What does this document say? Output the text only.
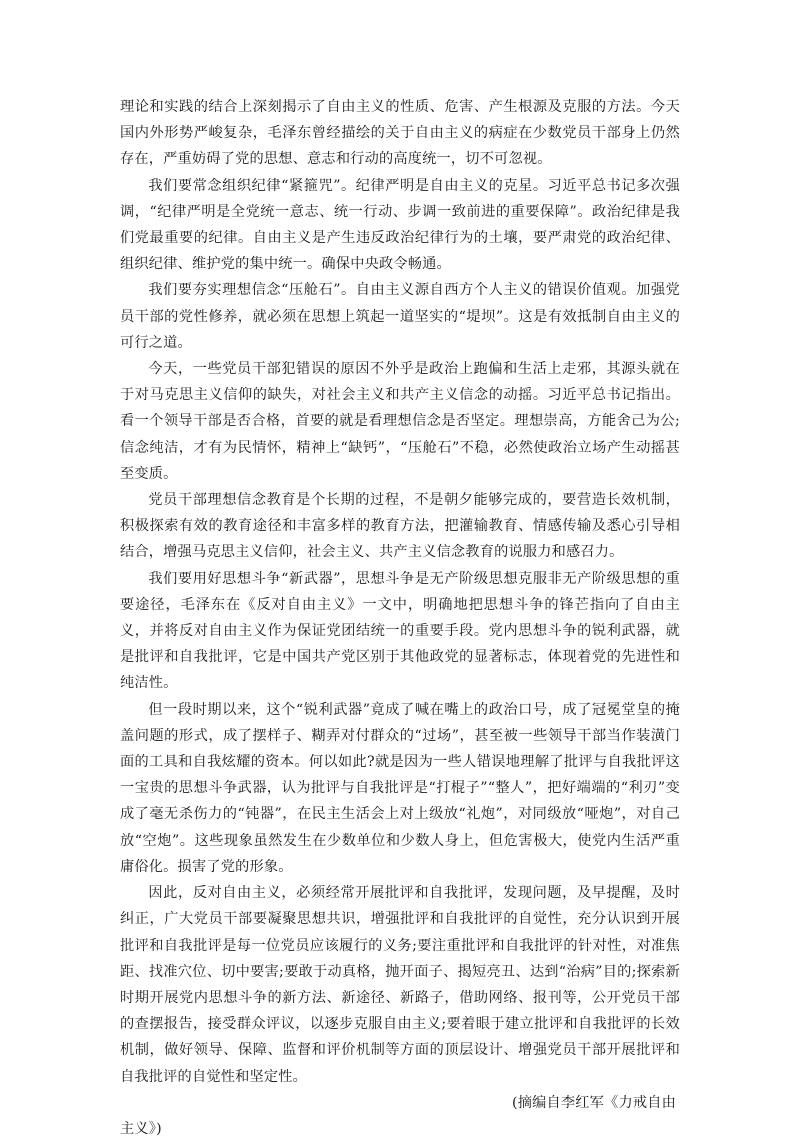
理论和实践的结合上深刻揭示了自由主义的性质、危害、产生根源及克服的方法。今天国内外形势严峻复杂，毛泽东曾经描绘的关于自由主义的病症在少数党员干部身上仍然存在，严重妨碍了党的思想、意志和行动的高度统一，切不可忽视。

我们要常念组织纪律“紧箍咒”。纪律严明是自由主义的克星。习近平总书记多次强调，“纪律严明是全党统一意志、统一行动、步调一致前进的重要保障”。政治纪律是我们党最重要的纪律。自由主义是产生违反政治纪律行为的土壤，要严肃党的政治纪律、组织纪律、维护党的集中统一。确保中央政令畅通。

我们要夯实理想信念“压舱石”。自由主义源自西方个人主义的错误价值观。加强党员干部的党性修养，就必须在思想上筑起一道坚实的“堤坝”。这是有效抵制自由主义的可行之道。

今天，一些党员干部犯错误的原因不外乎是政治上跑偏和生活上走邪，其源头就在于对马克思主义信仰的缺失，对社会主义和共产主义信念的动摇。习近平总书记指出。看一个领导干部是否合格，首要的就是看理想信念是否坚定。理想崇高，方能舍己为公;信念纯洁，才有为民情怀，精神上“缺钙”，“压舱石”不稳，必然使政治立场产生动摇甚至变质。

党员干部理想信念教育是个长期的过程，不是朝夕能够完成的，要营造长效机制，积极探索有效的教育途径和丰富多样的教育方法，把灌输教育、情感传输及悉心引导相结合，增强马克思主义信仰，社会主义、共产主义信念教育的说服力和感召力。

我们要用好思想斗争“新武器”，思想斗争是无产阶级思想克服非无产阶级思想的重要途径，毛泽东在《反对自由主义》一文中，明确地把思想斗争的锋芒指向了自由主义，并将反对自由主义作为保证党团结统一的重要手段。党内思想斗争的锐利武器，就是批评和自我批评，它是中国共产党区别于其他政党的显著标志，体现着党的先进性和纯洁性。

但一段时期以来，这个“锐利武器”竟成了喊在嘴上的政治口号，成了冠冕堂皇的掩盖问题的形式，成了摆样子、糊弄对付群众的“过场”，甚至被一些领导干部当作装潢门面的工具和自我炫耀的资本。何以如此?就是因为一些人错误地理解了批评与自我批评这一宝贵的思想斗争武器，认为批评与自我批评是“打棍子”“整人”，把好端端的“利刃”变成了毫无杀伤力的“钝器”，在民主生活会上对上级放“礼炮”，对同级放“哑炮”，对自己放“空炮”。这些现象虽然发生在少数单位和少数人身上，但危害极大，使党内生活严重庸俗化。损害了党的形象。

因此，反对自由主义，必须经常开展批评和自我批评，发现问题，及早提醒，及时纠正，广大党员干部要凝聚思想共识，增强批评和自我批评的自觉性，充分认识到开展批评和自我批评是每一位党员应该履行的义务;要注重批评和自我批评的针对性，对准焦距、找准穴位、切中要害;要敢于动真格，抛开面子、揭短亮丑、达到“治病”目的;探索新时期开展党内思想斗争的新方法、新途径、新路子，借助网络、报刊等，公开党员干部的查摆报告，接受群众评议，以逐步克服自由主义;要着眼于建立批评和自我批评的长效机制，做好领导、保障、监督和评价机制等方面的顶层设计、增强党员干部开展批评和自我批评的自觉性和坚定性。

(摘编自李红军《力戒自由

主义》)
